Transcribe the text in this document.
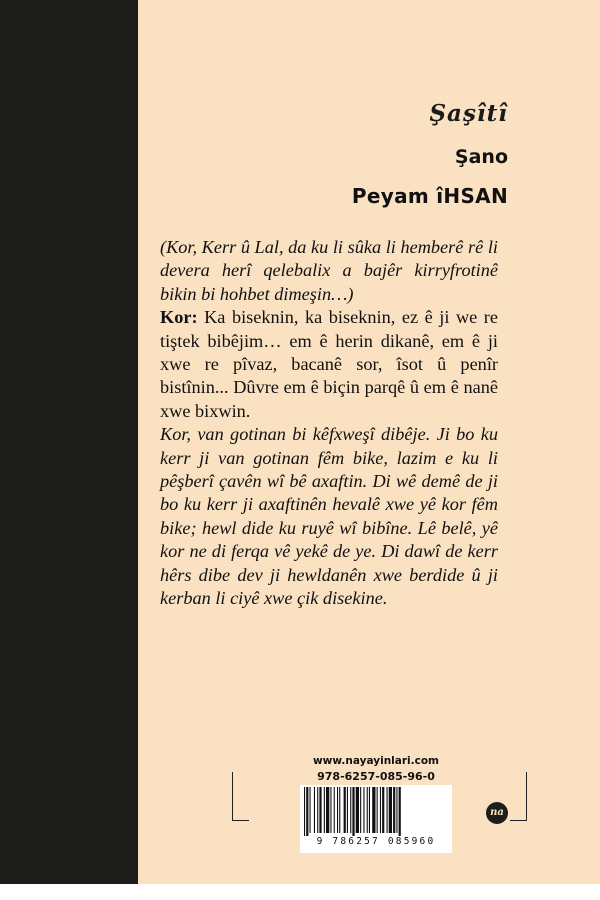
Şaşîtî
Şano
Peyam îHSAN

(Kor, Kerr û Lal, da ku li sûka li hemberê rê li devera herî qelebalix a bajêr kirryfrotinê bikin bi hohbet dimeşin…)

Kor: Ka biseknin, ka biseknin, ez ê ji we re tiştek bibêjim… em ê herin dikanê, em ê ji xwe re pîvaz, bacanê sor, îsot û penîr bistînin... Dûvre em ê biçin parqê û em ê nanê xwe bixwin.

Kor, van gotinan bi kêfxweşî dibêje. Ji bo ku kerr ji van gotinan fêm bike, lazim e ku li pêşberî çavên wî bê axaftin. Di wê demê de ji bo ku kerr ji axaftinên hevalê xwe yê kor fêm bike; hewl dide ku ruyê wî bibîne. Lê belê, yê kor ne di ferqa vê yekê de ye. Di dawî de kerr hêrs dibe dev ji hewldanên xwe berdide û ji kerban li ciyê xwe çik disekine.

www.nayayinlari.com
978-6257-085-96-0
9 786257 085960
na
